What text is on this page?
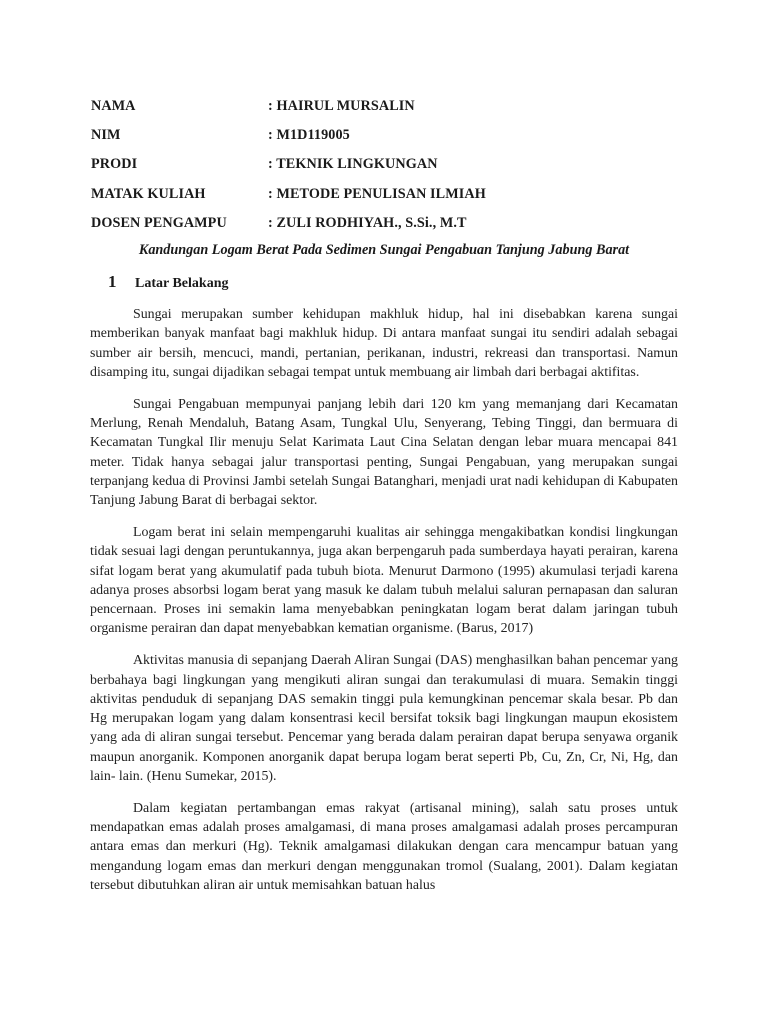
NAMA	: HAIRUL MURSALIN
NIM	: M1D119005
PRODI	: TEKNIK LINGKUNGAN
MATAK KULIAH	: METODE PENULISAN ILMIAH
DOSEN PENGAMPU	: ZULI RODHIYAH., S.Si., M.T
Kandungan Logam Berat Pada Sedimen Sungai Pengabuan Tanjung Jabung Barat
1	Latar Belakang

Sungai merupakan sumber kehidupan makhluk hidup, hal ini disebabkan karena sungai memberikan banyak manfaat bagi makhluk hidup. Di antara manfaat sungai itu sendiri adalah sebagai sumber air bersih, mencuci, mandi, pertanian, perikanan, industri, rekreasi dan transportasi. Namun disamping itu, sungai dijadikan sebagai tempat untuk membuang air limbah dari berbagai aktifitas.

Sungai Pengabuan mempunyai panjang lebih dari 120 km yang memanjang dari Kecamatan Merlung, Renah Mendaluh, Batang Asam, Tungkal Ulu, Senyerang, Tebing Tinggi, dan bermuara di Kecamatan Tungkal Ilir menuju Selat Karimata Laut Cina Selatan dengan lebar muara mencapai 841 meter. Tidak hanya sebagai jalur transportasi penting, Sungai Pengabuan, yang merupakan sungai terpanjang kedua di Provinsi Jambi setelah Sungai Batanghari, menjadi urat nadi kehidupan di Kabupaten Tanjung Jabung Barat di berbagai sektor.

Logam berat ini selain mempengaruhi kualitas air sehingga mengakibatkan kondisi lingkungan tidak sesuai lagi dengan peruntukannya, juga akan berpengaruh pada sumberdaya hayati perairan, karena sifat logam berat yang akumulatif pada tubuh biota. Menurut Darmono (1995) akumulasi terjadi karena adanya proses absorbsi logam berat yang masuk ke dalam tubuh melalui saluran pernapasan dan saluran pencernaan. Proses ini semakin lama menyebabkan peningkatan logam berat dalam jaringan tubuh organisme perairan dan dapat menyebabkan kematian organisme. (Barus, 2017)

Aktivitas manusia di sepanjang Daerah Aliran Sungai (DAS) menghasilkan bahan pencemar yang berbahaya bagi lingkungan yang mengikuti aliran sungai dan terakumulasi di muara. Semakin tinggi aktivitas penduduk di sepanjang DAS semakin tinggi pula kemungkinan pencemar skala besar. Pb dan Hg merupakan logam yang dalam konsentrasi kecil bersifat toksik bagi lingkungan maupun ekosistem yang ada di aliran sungai tersebut. Pencemar yang berada dalam perairan dapat berupa senyawa organik maupun anorganik. Komponen anorganik dapat berupa logam berat seperti Pb, Cu, Zn, Cr, Ni, Hg, dan lain- lain. (Henu Sumekar, 2015).

Dalam kegiatan pertambangan emas rakyat (artisanal mining), salah satu proses untuk mendapatkan emas adalah proses amalgamasi, di mana proses amalgamasi adalah proses percampuran antara emas dan merkuri (Hg). Teknik amalgamasi dilakukan dengan cara mencampur batuan yang mengandung logam emas dan merkuri dengan menggunakan tromol (Sualang, 2001). Dalam kegiatan tersebut dibutuhkan aliran air untuk memisahkan batuan halus
